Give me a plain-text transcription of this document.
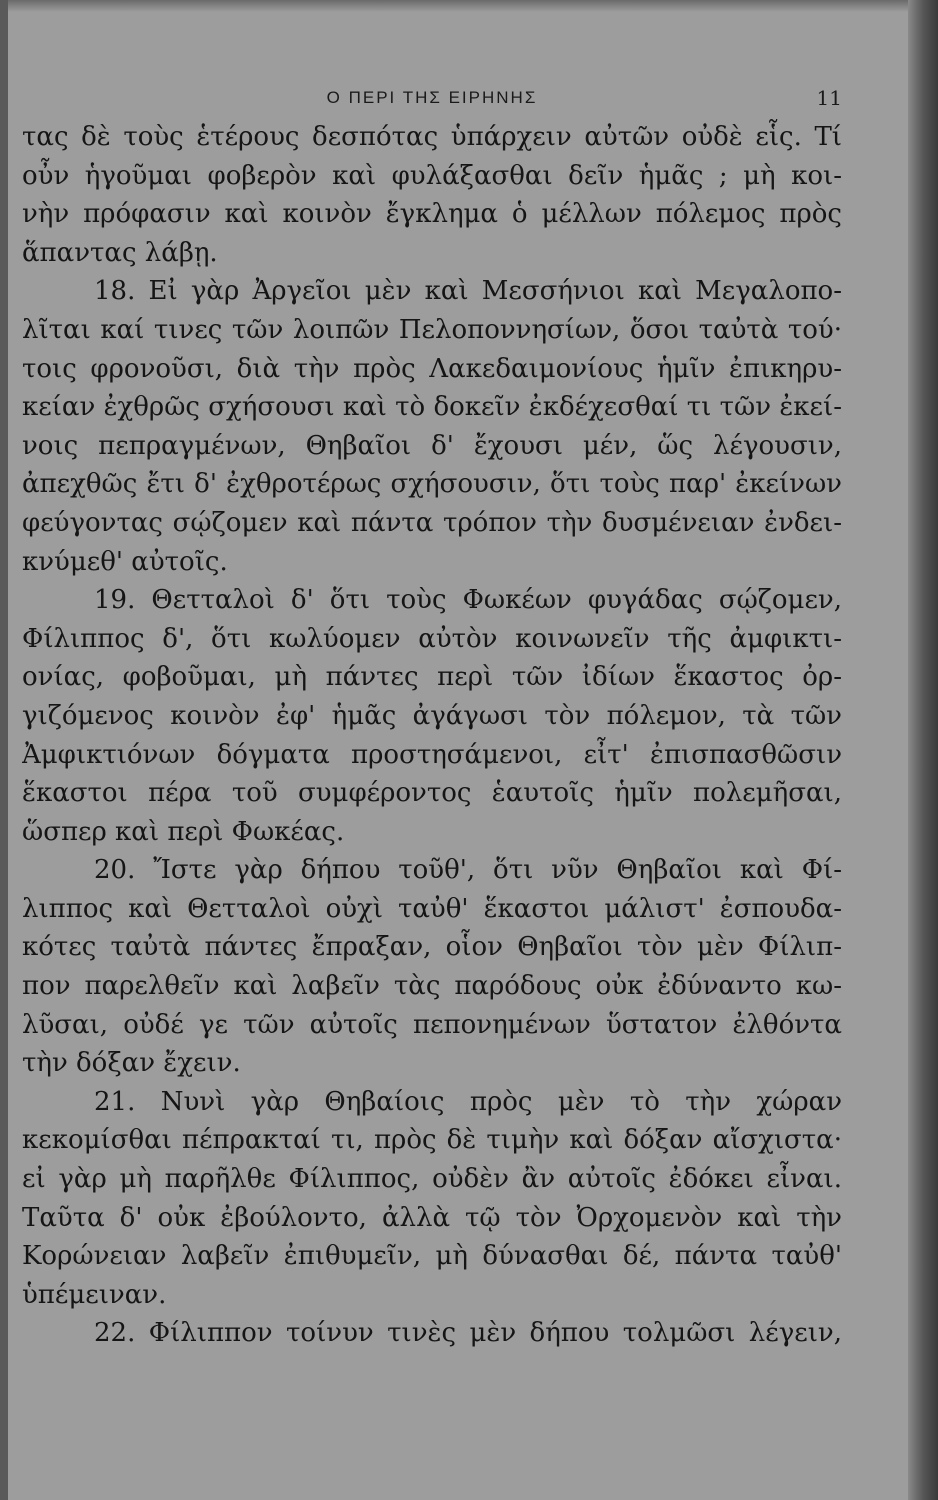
Ο ΠΕΡΙ ΤΗΣ ΕΙΡΗΝΗΣ	11
τας δὲ τοὺς ἑτέρους δεσπότας ὑπάρχειν αὐτῶν οὐδὲ εἷς. Τί
οὖν ἡγοῦμαι φοβερὸν καὶ φυλάξασθαι δεῖν ἡμᾶς ; μὴ κοι-
νὴν πρόφασιν καὶ κοινὸν ἔγκλημα ὁ μέλλων πόλεμος πρὸς
ἅπαντας λάβῃ.
18. Εἰ γὰρ Ἀργεῖοι μὲν καὶ Μεσσήνιοι καὶ Μεγαλοπο-
λῖται καί τινες τῶν λοιπῶν Πελοποννησίων, ὅσοι ταὐτὰ τού·
τοις φρονοῦσι, διὰ τὴν πρὸς Λακεδαιμονίους ἡμῖν ἐπικηρυ-
κείαν ἐχθρῶς σχήσουσι καὶ τὸ δοκεῖν ἐκδέχεσθαί τι τῶν ἐκεί-
νοις πεπραγμένων, Θηβαῖοι δ' ἔχουσι μέν, ὥς λέγουσιν,
ἀπεχθῶς ἔτι δ' ἐχθροτέρως σχήσουσιν, ὅτι τοὺς παρ' ἐκείνων
φεύγοντας σῴζομεν καὶ πάντα τρόπον τὴν δυσμένειαν ἐνδει-
κνύμεθ' αὐτοῖς.
19. Θετταλοὶ δ' ὅτι τοὺς Φωκέων φυγάδας σῴζομεν,
Φίλιππος δ', ὅτι κωλύομεν αὐτὸν κοινωνεῖν τῆς ἀμφικτι-
ονίας, φοβοῦμαι, μὴ πάντες περὶ τῶν ἰδίων ἕκαστος ὀρ-
γιζόμενος κοινὸν ἐφ' ἡμᾶς ἀγάγωσι τὸν πόλεμον, τὰ τῶν
Ἀμφικτιόνων δόγματα προστησάμενοι, εἶτ' ἐπισπασθῶσιν
ἕκαστοι πέρα τοῦ συμφέροντος ἑαυτοῖς ἡμῖν πολεμῆσαι,
ὥσπερ καὶ περὶ Φωκέας.
20. Ἴστε γὰρ δήπου τοῦθ', ὅτι νῦν Θηβαῖοι καὶ Φί-
λιππος καὶ Θετταλοὶ οὐχὶ ταὐθ' ἕκαστοι μάλιστ' ἐσπουδα-
κότες ταὐτὰ πάντες ἔπραξαν, οἷον Θηβαῖοι τὸν μὲν Φίλιπ-
πον παρελθεῖν καὶ λαβεῖν τὰς παρόδους οὐκ ἐδύναντο κω-
λῦσαι, οὐδέ γε τῶν αὐτοῖς πεπονημένων ὕστατον ἐλθόντα
τὴν δόξαν ἔχειν.
21. Νυνὶ γὰρ Θηβαίοις πρὸς μὲν τὸ τὴν χώραν
κεκομίσθαι πέπρακταί τι, πρὸς δὲ τιμὴν καὶ δόξαν αἴσχιστα·
εἰ γὰρ μὴ παρῆλθε Φίλιππος, οὐδὲν ἂν αὐτοῖς ἐδόκει εἶναι.
Ταῦτα δ' οὐκ ἐβούλοντο, ἀλλὰ τῷ τὸν Ὀρχομενὸν καὶ τὴν
Κορώνειαν λαβεῖν ἐπιθυμεῖν, μὴ δύνασθαι δέ, πάντα ταὐθ'
ὑπέμειναν.
22. Φίλιππον τοίνυν τινὲς μὲν δήπου τολμῶσι λέγειν,
